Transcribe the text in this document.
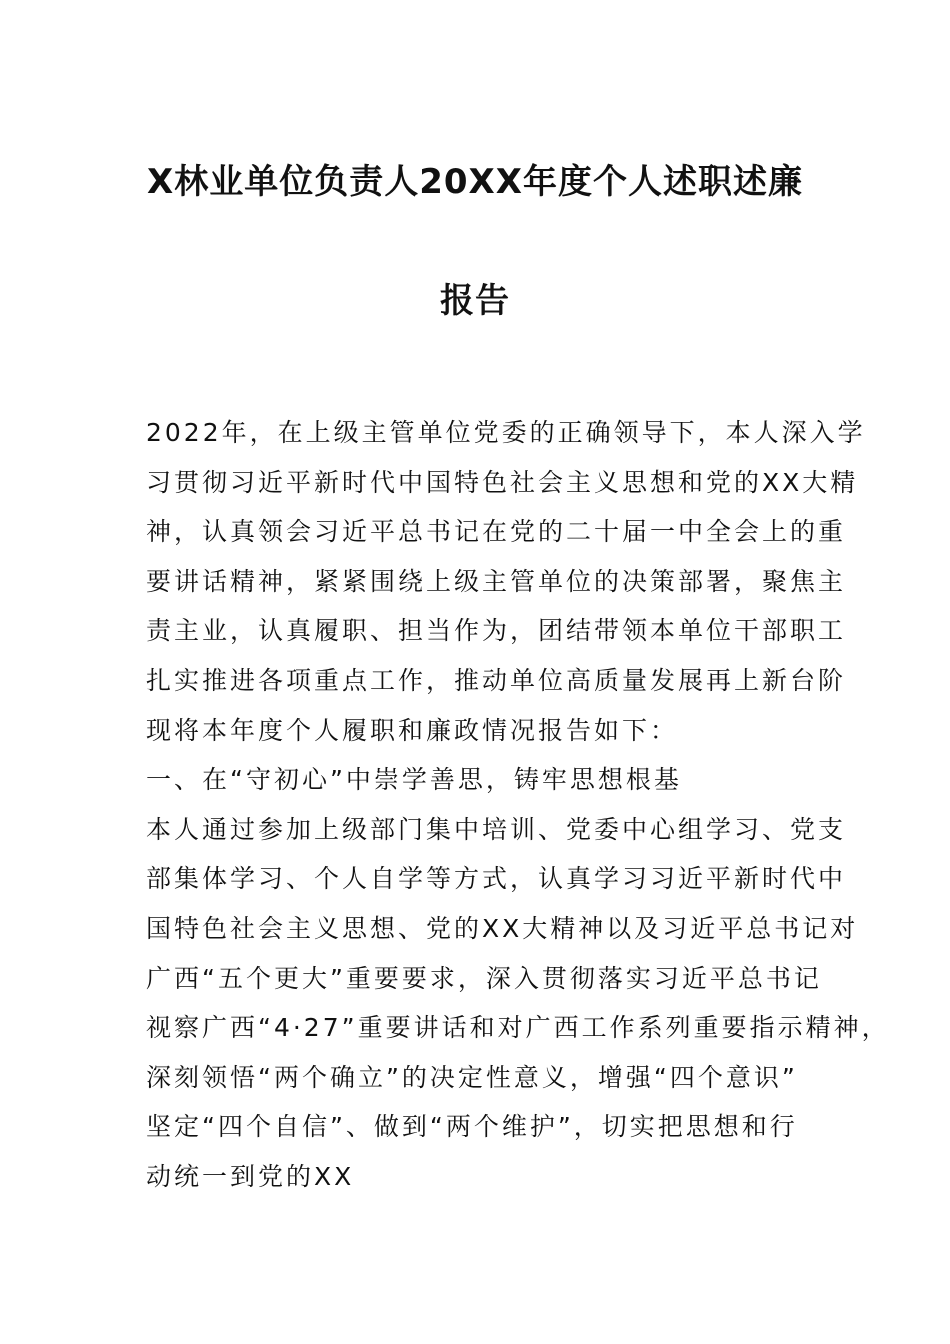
X林业单位负责人20XX年度个人述职述廉
报告
2022年，在上级主管单位党委的正确领导下，本人深入学
习贯彻习近平新时代中国特色社会主义思想和党的XX大精
神，认真领会习近平总书记在党的二十届一中全会上的重
要讲话精神，紧紧围绕上级主管单位的决策部署，聚焦主
责主业，认真履职、担当作为，团结带领本单位干部职工
扎实推进各项重点工作，推动单位高质量发展再上新台阶
现将本年度个人履职和廉政情况报告如下：
一、在“守初心”中崇学善思，铸牢思想根基
本人通过参加上级部门集中培训、党委中心组学习、党支
部集体学习、个人自学等方式，认真学习习近平新时代中
国特色社会主义思想、党的XX大精神以及习近平总书记对
广西“五个更大”重要要求，深入贯彻落实习近平总书记
视察广西“4·27”重要讲话和对广西工作系列重要指示精神，
深刻领悟“两个确立”的决定性意义，增强“四个意识”
坚定“四个自信”、做到“两个维护”，切实把思想和行
动统一到党的XX
